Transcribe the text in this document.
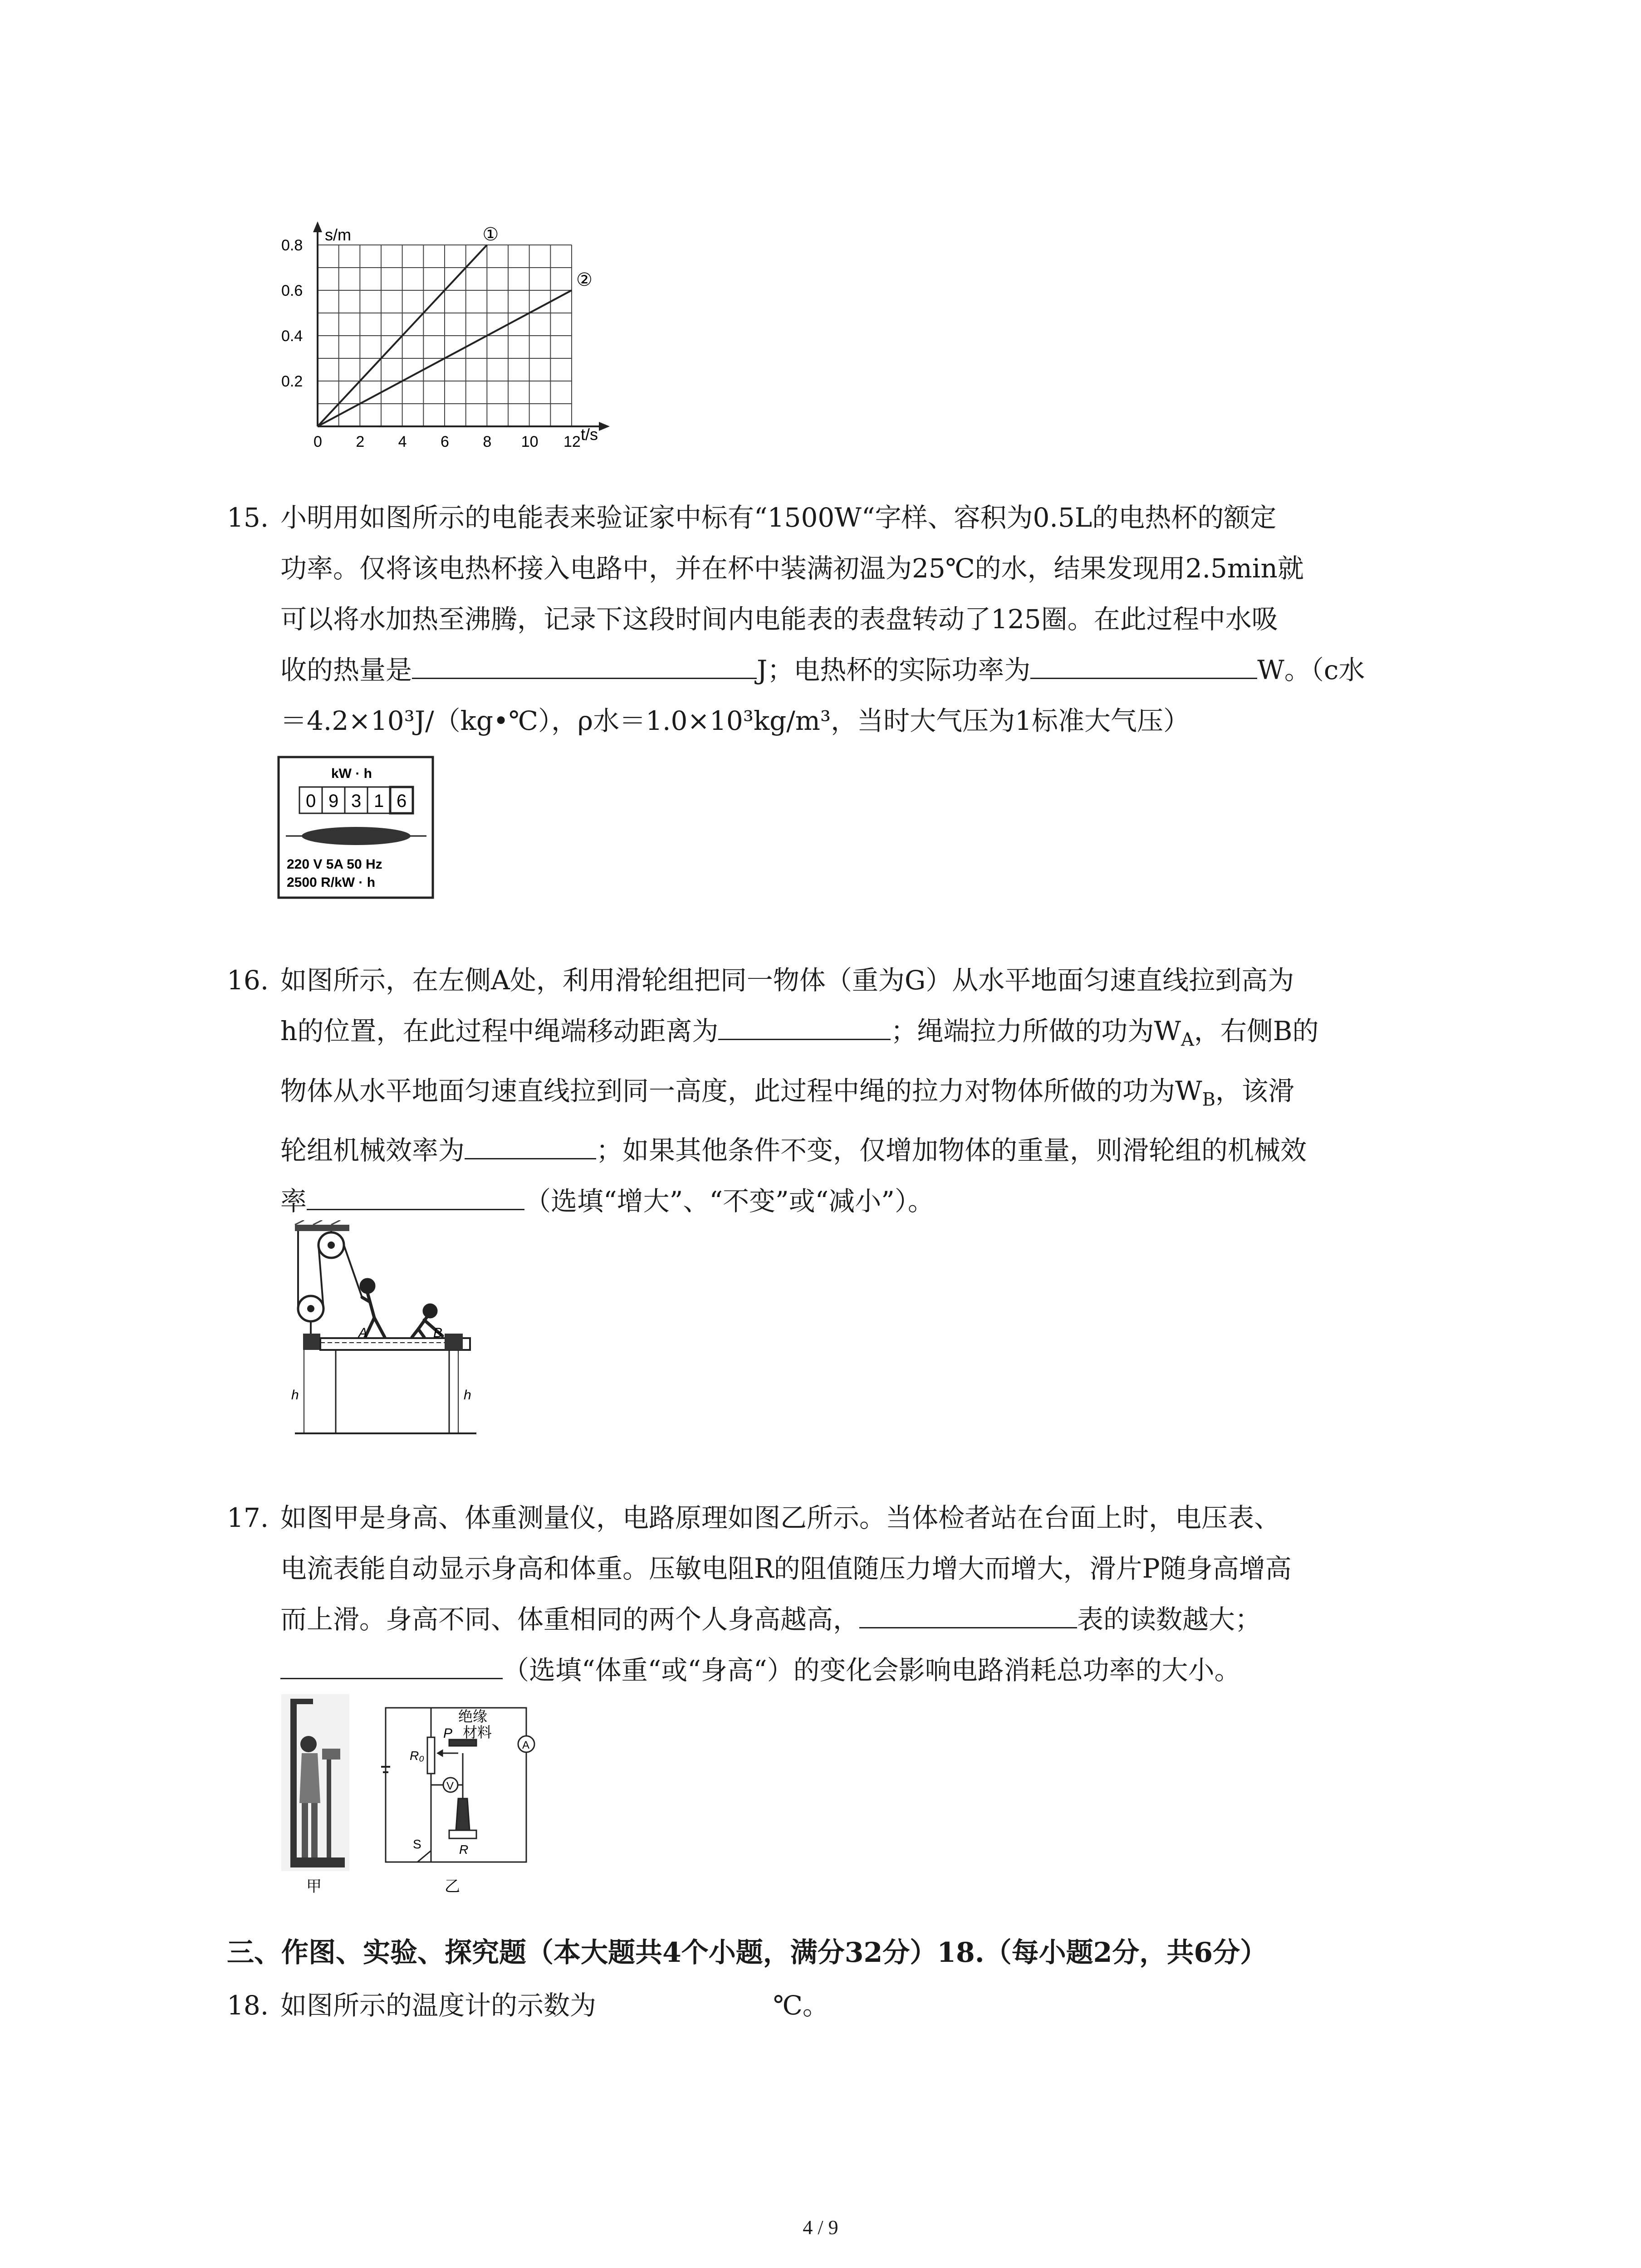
s/m
t/s
0.8
0.6
0.4
0.2
0 2 4 6 8 10 12
①
②
15. 小明用如图所示的电能表来验证家中标有“1500W“字样、容积为0.5L的电热杯的额定
功率。仅将该电热杯接入电路中，并在杯中装满初温为25℃的水，结果发现用2.5min就
可以将水加热至沸腾，记录下这段时间内电能表的表盘转动了125圈。在此过程中水吸
收的热量是	J；电热杯的实际功率为	W。（c水
＝4.2×10³J/（kg•℃），ρ水＝1.0×10³kg/m³，当时大气压为1标准大气压）
kW · h
0 9 3 1 6
220 V 5A 50 Hz
2500 R/kW · h
16. 如图所示，在左侧A处，利用滑轮组把同一物体（重为G）从水平地面匀速直线拉到高为
h的位置，在此过程中绳端移动距离为	；绳端拉力所做的功为$W_A$，右侧B的
物体从水平地面匀速直线拉到同一高度，此过程中绳的拉力对物体所做的功为$W_B$，该滑
轮组机械效率为	；如果其他条件不变，仅增加物体的重量，则滑轮组的机械效
率	（选填“增大”、“不变”或“减小”）。
A	B
h	h
17. 如图甲是身高、体重测量仪，电路原理如图乙所示。当体检者站在台面上时，电压表、
电流表能自动显示身高和体重。压敏电阻R的阻值随压力增大而增大，滑片P随身高增高
而上滑。身高不同、体重相同的两个人身高越高，	表的读数越大；
（选填“体重“或“身高“）的变化会影响电路消耗总功率的大小。
甲
V
A
绝缘
材料
P
R₀
S	R
乙
三、作图、实验、探究题（本大题共4个小题，满分32分）18.（每小题2分，共6分）
18. 如图所示的温度计的示数为	℃。
4 / 9
